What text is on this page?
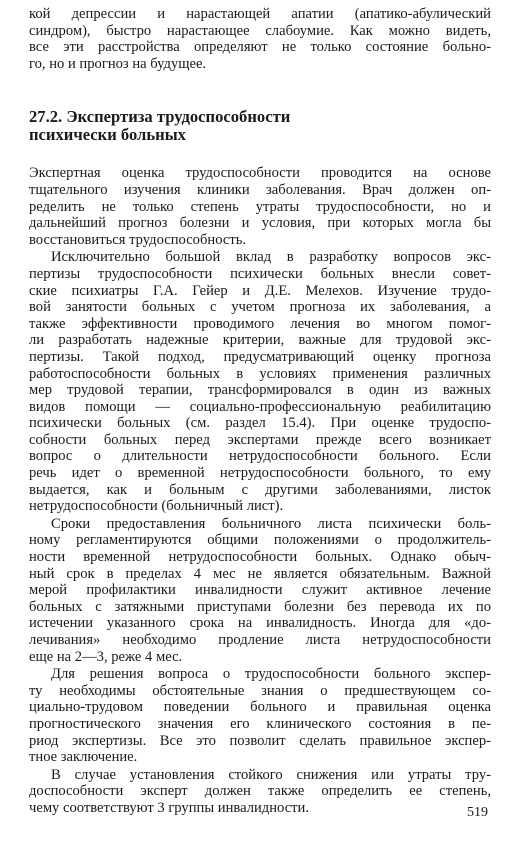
кой депрессии и нарастающей апатии (апатико-абулический
синдром), быстро нарастающее слабоумие. Как можно видеть,
все эти расстройства определяют не только состояние больно-
го, но и прогноз на будущее.
27.2. Экспертиза трудоспособности
психически больных
Экспертная оценка трудоспособности проводится на основе
тщательного изучения клиники заболевания. Врач должен оп-
ределить не только степень утраты трудоспособности, но и
дальнейший прогноз болезни и условия, при которых могла бы
восстановиться трудоспособность.
Исключительно большой вклад в разработку вопросов экс-
пертизы трудоспособности психически больных внесли совет-
ские психиатры Г.А. Гейер и Д.Е. Мелехов. Изучение трудо-
вой занятости больных с учетом прогноза их заболевания, а
также эффективности проводимого лечения во многом помог-
ли разработать надежные критерии, важные для трудовой экс-
пертизы. Такой подход, предусматривающий оценку прогноза
работоспособности больных в условиях применения различных
мер трудовой терапии, трансформировался в один из важных
видов помощи — социально-профессиональную реабилитацию
психически больных (см. раздел 15.4). При оценке трудоспо-
собности больных перед экспертами прежде всего возникает
вопрос о длительности нетрудоспособности больного. Если
речь идет о временной нетрудоспособности больного, то ему
выдается, как и больным с другими заболеваниями, листок
нетрудоспособности (больничный лист).
Сроки предоставления больничного листа психически боль-
ному регламентируются общими положениями о продолжитель-
ности временной нетрудоспособности больных. Однако обыч-
ный срок в пределах 4 мес не является обязательным. Важной
мерой профилактики инвалидности служит активное лечение
больных с затяжными приступами болезни без перевода их по
истечении указанного срока на инвалидность. Иногда для «до-
лечивания» необходимо продление листа нетрудоспособности
еще на 2—3, реже 4 мес.
Для решения вопроса о трудоспособности больного экспер-
ту необходимы обстоятельные знания о предшествующем со-
циально-трудовом поведении больного и правильная оценка
прогностического значения его клинического состояния в пе-
риод экспертизы. Все это позволит сделать правильное экспер-
тное заключение.
В случае установления стойкого снижения или утраты тру-
доспособности эксперт должен также определить ее степень,
чему соответствуют 3 группы инвалидности.	519
